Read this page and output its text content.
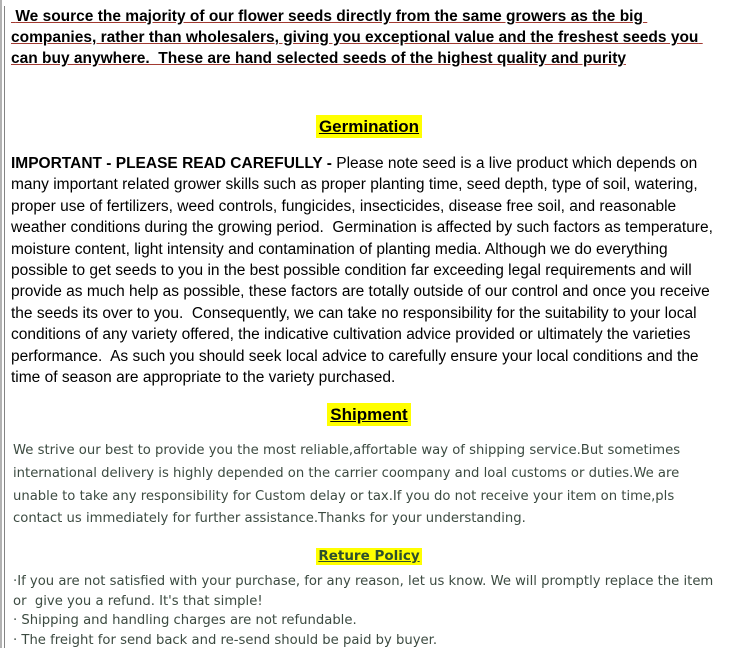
We source the majority of our flower seeds directly from the same growers as the big companies, rather than wholesalers, giving you exceptional value and the freshest seeds you can buy anywhere.  These are hand selected seeds of the highest quality and purity

Germination

IMPORTANT - PLEASE READ CAREFULLY - Please note seed is a live product which depends on many important related grower skills such as proper planting time, seed depth, type of soil, watering, proper use of fertilizers, weed controls, fungicides, insecticides, disease free soil, and reasonable weather conditions during the growing period.  Germination is affected by such factors as temperature, moisture content, light intensity and contamination of planting media. Although we do everything possible to get seeds to you in the best possible condition far exceeding legal requirements and will provide as much help as possible, these factors are totally outside of our control and once you receive the seeds its over to you.  Consequently, we can take no responsibility for the suitability to your local conditions of any variety offered, the indicative cultivation advice provided or ultimately the varieties performance.  As such you should seek local advice to carefully ensure your local conditions and the time of season are appropriate to the variety purchased.

Shipment

We strive our best to provide you the most reliable,affortable way of shipping service.But sometimes international delivery is highly depended on the carrier coompany and loal customs or duties.We are unable to take any responsibility for Custom delay or tax.If you do not receive your item on time,pls contact us immediately for further assistance.Thanks for your understanding.

Reture Policy

·If you are not satisfied with your purchase, for any reason, let us know. We will promptly replace the item or  give you a refund. It's that simple!

· Shipping and handling charges are not refundable.

· The freight for send back and re-send should be paid by buyer.
